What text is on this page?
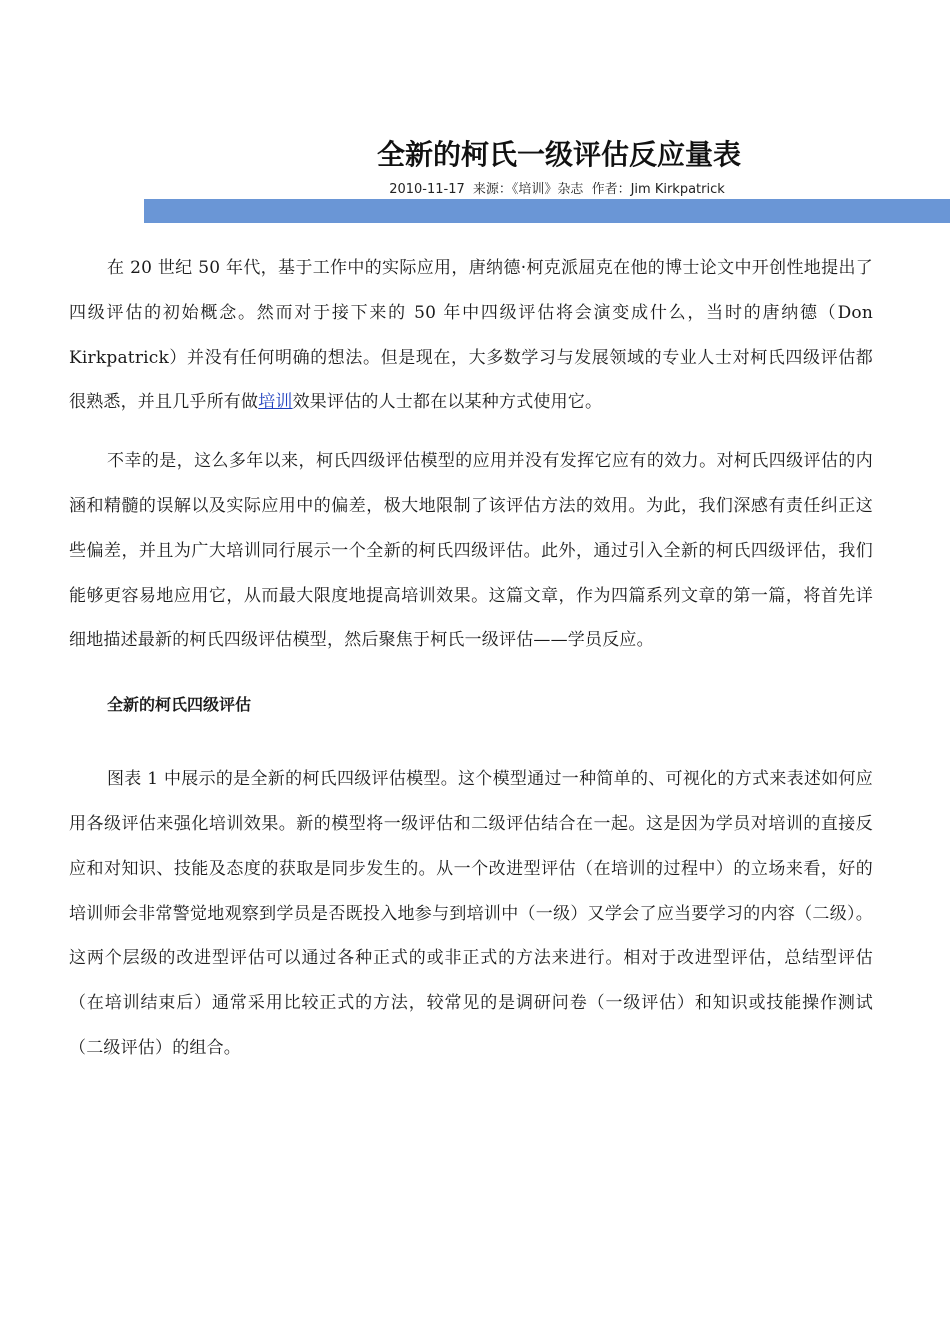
全新的柯氏一级评估反应量表
2010-11-17 来源：《培训》杂志 作者：Jim Kirkpatrick

在 20 世纪 50 年代，基于工作中的实际应用，唐纳德·柯克派屈克在他的博士论文中开创性地提出了四级评估的初始概念。然而对于接下来的 50 年中四级评估将会演变成什么，当时的唐纳德（Don Kirkpatrick）并没有任何明确的想法。但是现在，大多数学习与发展领域的专业人士对柯氏四级评估都很熟悉，并且几乎所有做培训效果评估的人士都在以某种方式使用它。

不幸的是，这么多年以来，柯氏四级评估模型的应用并没有发挥它应有的效力。对柯氏四级评估的内涵和精髓的误解以及实际应用中的偏差，极大地限制了该评估方法的效用。为此，我们深感有责任纠正这些偏差，并且为广大培训同行展示一个全新的柯氏四级评估。此外，通过引入全新的柯氏四级评估，我们能够更容易地应用它，从而最大限度地提高培训效果。这篇文章，作为四篇系列文章的第一篇，将首先详细地描述最新的柯氏四级评估模型，然后聚焦于柯氏一级评估——学员反应。

全新的柯氏四级评估

图表 1 中展示的是全新的柯氏四级评估模型。这个模型通过一种简单的、可视化的方式来表述如何应用各级评估来强化培训效果。新的模型将一级评估和二级评估结合在一起。这是因为学员对培训的直接反应和对知识、技能及态度的获取是同步发生的。从一个改进型评估（在培训的过程中）的立场来看，好的培训师会非常警觉地观察到学员是否既投入地参与到培训中（一级）又学会了应当要学习的内容（二级）。这两个层级的改进型评估可以通过各种正式的或非正式的方法来进行。相对于改进型评估，总结型评估（在培训结束后）通常采用比较正式的方法，较常见的是调研问卷（一级评估）和知识或技能操作测试（二级评估）的组合。
